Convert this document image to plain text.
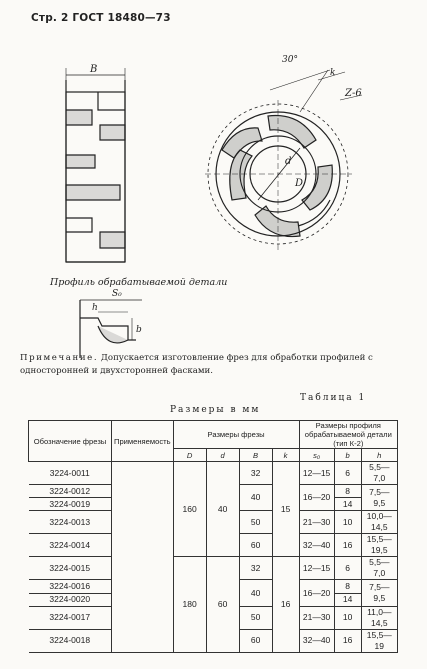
Стр. 2 ГОСТ 18480—73
B
d
D
Z-6
30°
k
S₀
h
b
Профиль обрабатываемой детали
Примечание. Допускается изготовление фрез для обработки профилей с односторонней и двухсторонней фасками.
Таблица 1
Размеры в мм
Обозначение фрезы	Применяемость	Размеры фрезы				Размеры профиля обрабатываемой детали (тип К-2)		
		D	d	B	k	s₀	b	h
3224-0011		160	40	32	15	12—15	6	5,5—7,0
3224-0012				40		16—20	8	7,5—9,5
3224-0019							14	
3224-0013				50		21—30	10	10,0—14,5
3224-0014				60		32—40	16	15,5—19,5
3224-0015		180	60	32	16	12—15	6	5,5—7,0
3224-0016				40		16—20	8	7,5—9,5
3224-0020							14	
3224-0017				50		21—30	10	11,0—14,5
3224-0018				60		32—40	16	15,5—19
